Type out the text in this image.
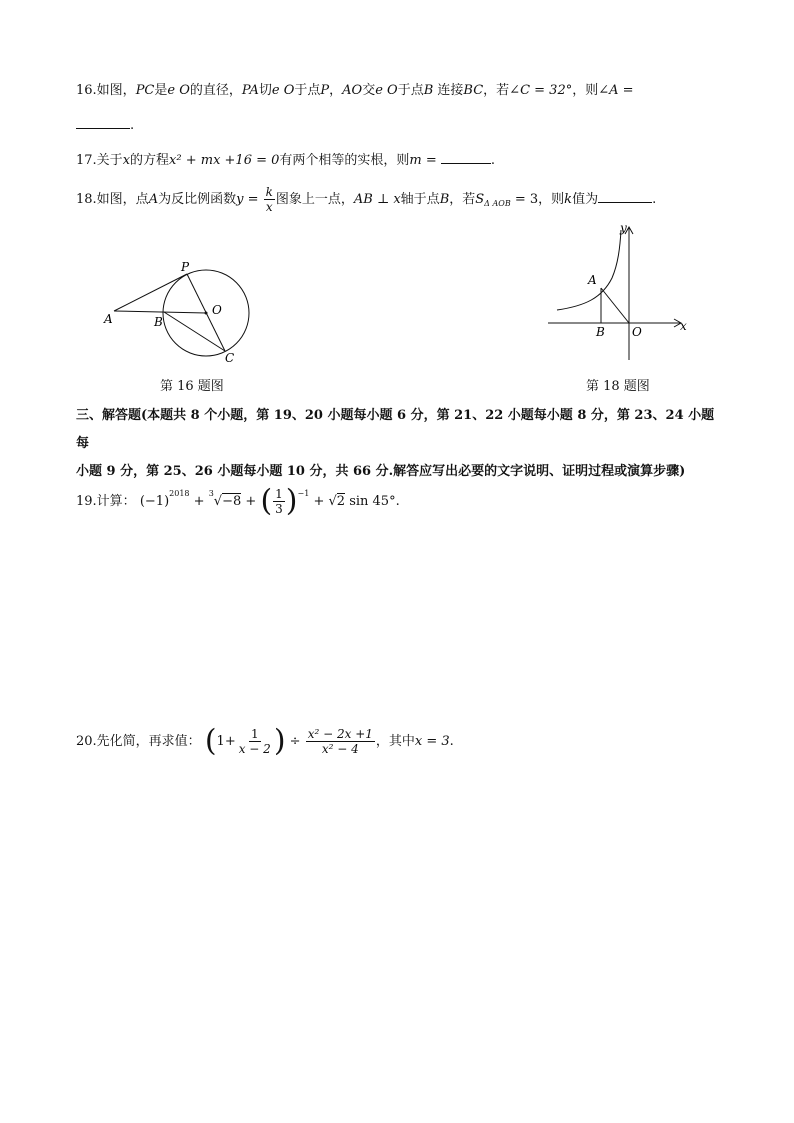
16.如图，PC是e O的直径，PA切e O于点P，AO交e O于点B 连接BC，若∠C = 32°，则∠A =
.
17.关于x的方程x² + mx +16 = 0有两个相等的实根，则m =	.
18.如图，点A为反比例函数$y = \frac{k}{x}$ 图象上一点，AB ⊥ x轴于点B，若$S_{\Delta AOB} = 3$，则k值为	.
P
O
A	B
C
第 16 题图
y
A
B O	x
第 18 题图
三、解答题(本题共 8 个小题，第 19、20 小题每小题 6 分，第 21、22 小题每小题 8 分，第 23、24 小题每
小题 9 分，第 25、26 小题每小题 10 分，共 66 分.解答应写出必要的文字说明、证明过程或演算步骤)
19.计算： $(-1)^{2018} + ^3√-8$ + ( $\frac{1}{3} )^{-1} + √2$ sin 45°.
20.先化简，再求值： ($1+ \frac{1}{x - 2}$ ) ÷ $\frac{\text{x² − 2x +1}}{\text{x² − 4}}$ ，其中x = 3.
